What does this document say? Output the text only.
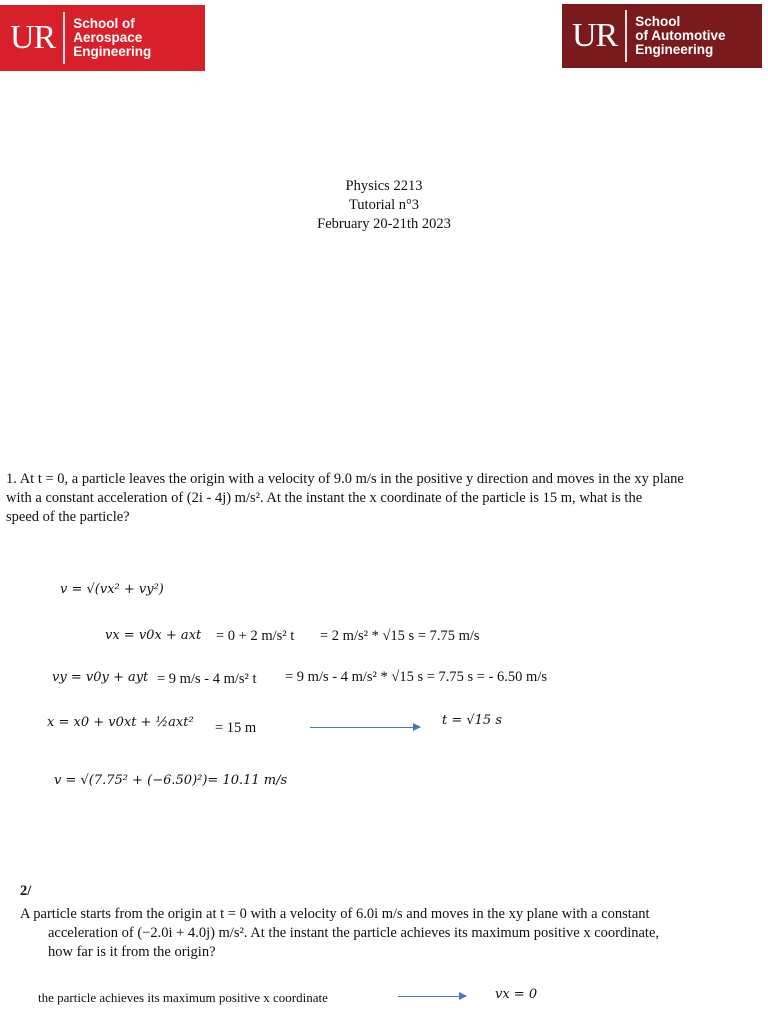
UR	School of
Aerospace
Engineering	UR	School
of Automotive
Engineering
Physics 2213
Tutorial n°3
February 20-21th 2023
1. At t = 0, a particle leaves the origin with a velocity of 9.0 m/s in the positive y direction and moves in the xy plane
with a constant acceleration of (2i - 4j) m/s². At the instant the x coordinate of the particle is 15 m, what is the
speed of the particle?
v = √(vx² + vy²)
vx = v0x + axt = 0 + 2 m/s² t = 2 m/s² * √15 s = 7.75 m/s
vy = v0y + ayt = 9 m/s - 4 m/s² t = 9 m/s - 4 m/s² * √15 s = 7.75 s = - 6.50 m/s
x = x0 + v0xt + ½axt² = 15 m	t = √15 s
v = √(7.75² + (−6.50)²)= 10.11 m/s
2/
A particle starts from the origin at t = 0 with a velocity of 6.0i m/s and moves in the xy plane with a constant
acceleration of (−2.0i + 4.0j) m/s². At the instant the particle achieves its maximum positive x coordinate,
how far is it from the origin?
the particle achieves its maximum positive x coordinate	vx = 0
